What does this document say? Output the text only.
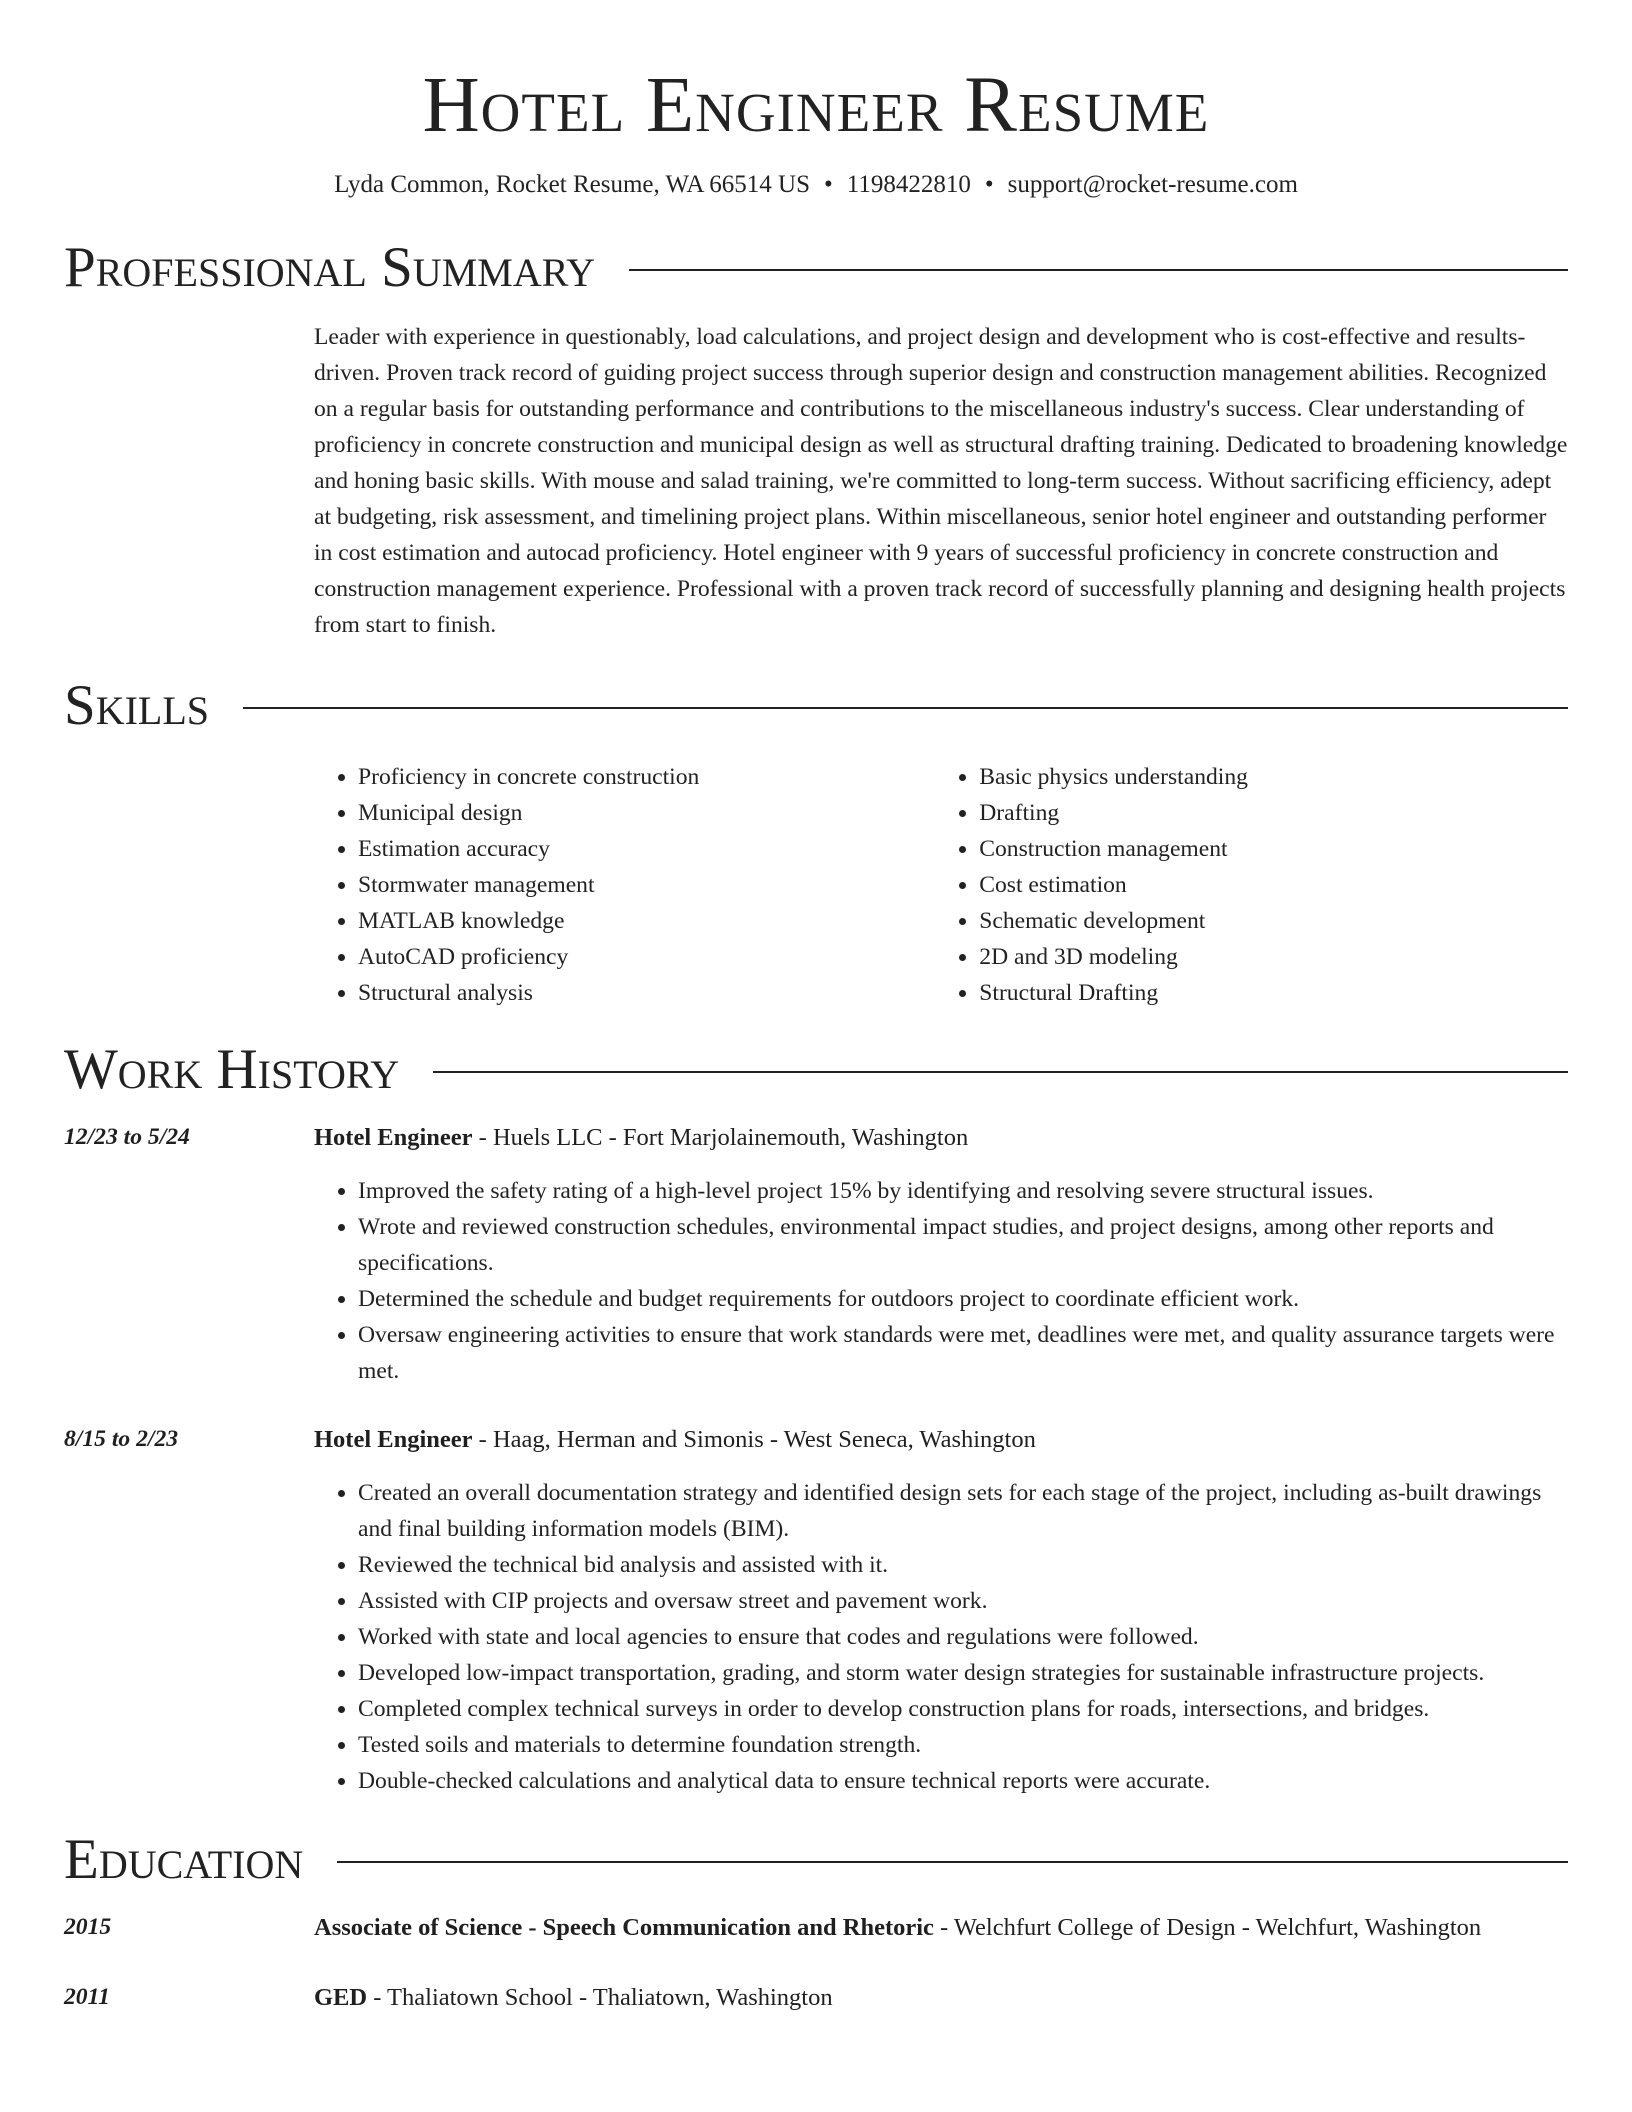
Hotel Engineer Resume
Lyda Common, Rocket Resume, WA 66514 US • 1198422810 • support@rocket-resume.com
Professional Summary
Leader with experience in questionably, load calculations, and project design and development who is cost-effective and results-driven. Proven track record of guiding project success through superior design and construction management abilities. Recognized on a regular basis for outstanding performance and contributions to the miscellaneous industry's success. Clear understanding of proficiency in concrete construction and municipal design as well as structural drafting training. Dedicated to broadening knowledge and honing basic skills. With mouse and salad training, we're committed to long-term success. Without sacrificing efficiency, adept at budgeting, risk assessment, and timelining project plans. Within miscellaneous, senior hotel engineer and outstanding performer in cost estimation and autocad proficiency. Hotel engineer with 9 years of successful proficiency in concrete construction and construction management experience. Professional with a proven track record of successfully planning and designing health projects from start to finish.
Skills
• Proficiency in concrete construction
• Municipal design
• Estimation accuracy
• Stormwater management
• MATLAB knowledge
• AutoCAD proficiency
• Structural analysis
• Basic physics understanding
• Drafting
• Construction management
• Cost estimation
• Schematic development
• 2D and 3D modeling
• Structural Drafting
Work History
12/23 to 5/24	Hotel Engineer - Huels LLC - Fort Marjolainemouth, Washington
• Improved the safety rating of a high-level project 15% by identifying and resolving severe structural issues.
• Wrote and reviewed construction schedules, environmental impact studies, and project designs, among other reports and specifications.
• Determined the schedule and budget requirements for outdoors project to coordinate efficient work.
• Oversaw engineering activities to ensure that work standards were met, deadlines were met, and quality assurance targets were met.
8/15 to 2/23	Hotel Engineer - Haag, Herman and Simonis - West Seneca, Washington
• Created an overall documentation strategy and identified design sets for each stage of the project, including as-built drawings and final building information models (BIM).
• Reviewed the technical bid analysis and assisted with it.
• Assisted with CIP projects and oversaw street and pavement work.
• Worked with state and local agencies to ensure that codes and regulations were followed.
• Developed low-impact transportation, grading, and storm water design strategies for sustainable infrastructure projects.
• Completed complex technical surveys in order to develop construction plans for roads, intersections, and bridges.
• Tested soils and materials to determine foundation strength.
• Double-checked calculations and analytical data to ensure technical reports were accurate.
Education
2015	Associate of Science - Speech Communication and Rhetoric - Welchfurt College of Design - Welchfurt, Washington
2011	GED - Thaliatown School - Thaliatown, Washington
